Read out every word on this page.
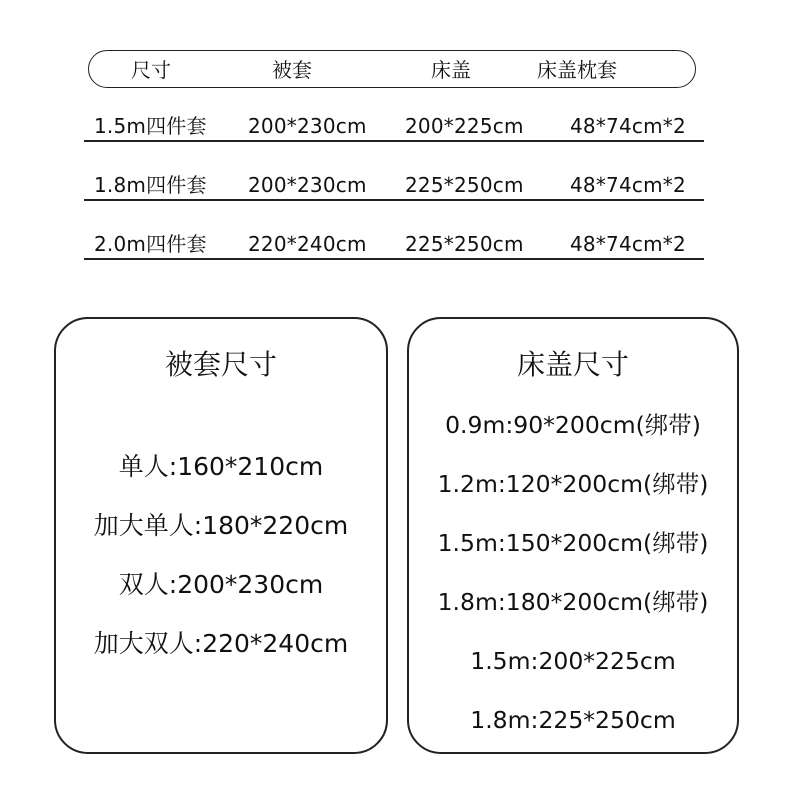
尺寸	被套	床盖	床盖枕套
1.5m四件套 200*230cm 200*225cm 48*74cm*2
1.8m四件套 200*230cm 225*250cm 48*74cm*2
2.0m四件套 220*240cm 225*250cm 48*74cm*2
被套尺寸
单人:160*210cm
加大单人:180*220cm
双人:200*230cm
加大双人:220*240cm
床盖尺寸
0.9m:90*200cm(绑带)
1.2m:120*200cm(绑带)
1.5m:150*200cm(绑带)
1.8m:180*200cm(绑带)
1.5m:200*225cm
1.8m:225*250cm
